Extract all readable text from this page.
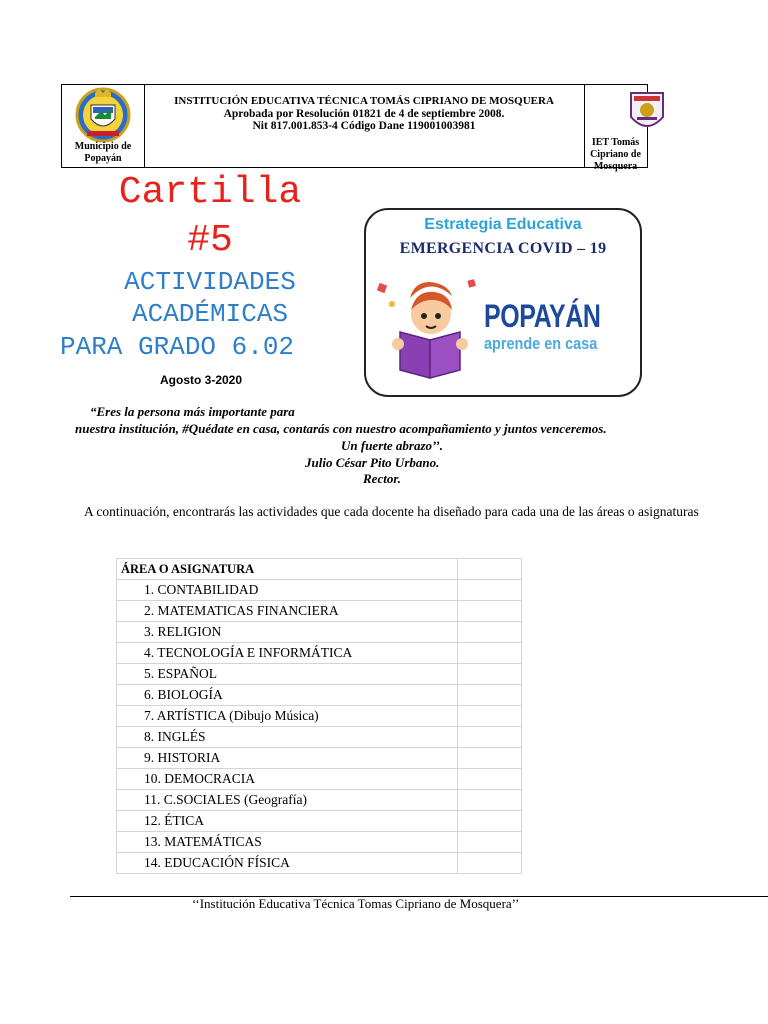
Municipio de Popayán
INSTITUCIÓN EDUCATIVA TÉCNICA TOMÁS CIPRIANO DE MOSQUERA
Aprobada por Resolución 01821 de 4 de septiembre 2008.
Nit 817.001.853-4 Código Dane 119001003981
IET Tomás Cipriano de Mosquera
Cartilla
#5
ACTIVIDADES
ACADÉMICAS
PARA GRADO 6.02
Agosto 3-2020
Estrategia Educativa
EMERGENCIA COVID – 19
POPAYÁN
aprende en casa
“Eres la persona más importante para
nuestra institución, #Quédate en casa, contarás con nuestro acompañamiento y juntos venceremos.
Un fuerte abrazo’’.
Julio César Pito Urbano.
Rector.
A continuación, encontrarás las actividades que cada docente ha diseñado para cada una de las áreas o asignaturas
ÁREA O ASIGNATURA	
1. CONTABILIDAD	
2. MATEMATICAS FINANCIERA	
3. RELIGION	
4. TECNOLOGÍA E INFORMÁTICA	
5. ESPAÑOL	
6. BIOLOGÍA	
7. ARTÍSTICA (Dibujo Música)	
8. INGLÉS	
9. HISTORIA	
10. DEMOCRACIA	
11. C.SOCIALES (Geografía)	
12. ÉTICA	
13. MATEMÁTICAS	
14. EDUCACIÓN FÍSICA	
‘‘Institución Educativa Técnica Tomas Cipriano de Mosquera’’
